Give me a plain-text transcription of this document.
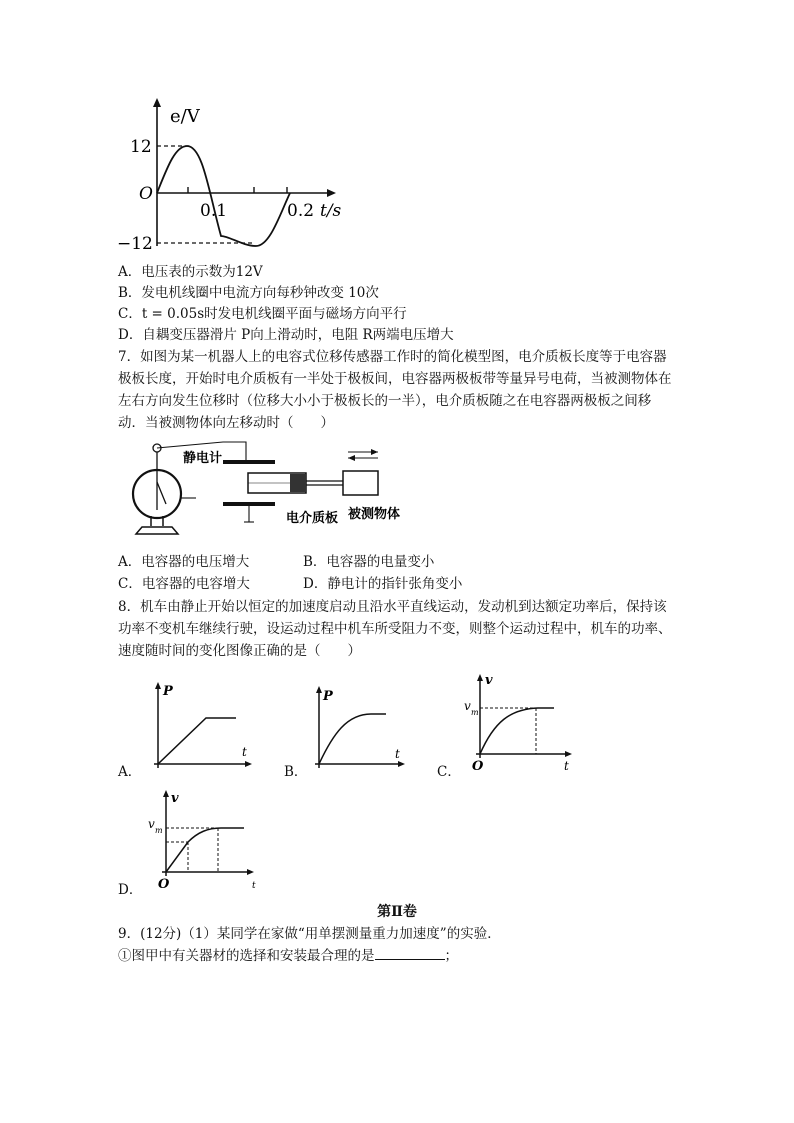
e/V
12
−12
O
0.1	0.2 t/s
A．电压表的示数为12V
B．发电机线圈中电流方向每秒钟改变 10次
C．t = 0.05s时发电机线圈平面与磁场方向平行
D．自耦变压器滑片 P向上滑动时，电阻 R两端电压增大
7．如图为某一机器人上的电容式位移传感器工作时的简化模型图，电介质板长度等于电容器极板长度，开始时电介质板有一半处于极板间，电容器两极板带等量异号电荷，当被测物体在左右方向发生位移时（位移大小小于极板长的一半），电介质板随之在电容器两极板之间移动．当被测物体向左移动时（　　）
静电计
电介质板 被测物体
A．电容器的电压增大	B．电容器的电量变小
C．电容器的电容增大	D．静电计的指针张角变小
8．机车由静止开始以恒定的加速度启动且沿水平直线运动，发动机到达额定功率后，保持该功率不变机车继续行驶，设运动过程中机车所受阻力不变，则整个运动过程中，机车的功率、速度随时间的变化图像正确的是（　　）
A．	B．	C．
D．
P
t
P
t
v
v m
O	t
v
v m
O	t
第Ⅱ卷
9．(12分)（1）某同学在家做“用单摆测量重力加速度”的实验．
①图甲中有关器材的选择和安装最合理的是	；
